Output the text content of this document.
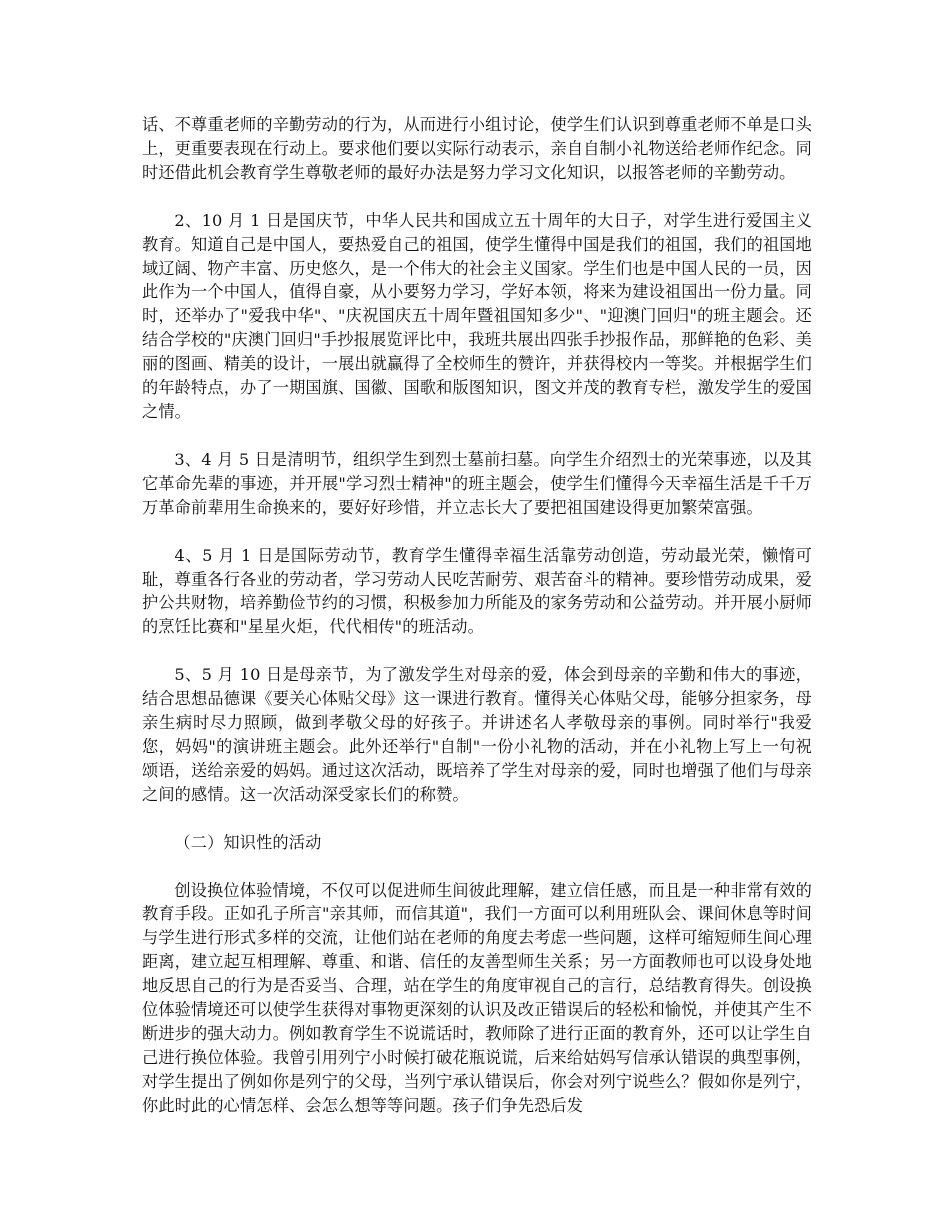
话、不尊重老师的辛勤劳动的行为，从而进行小组讨论，使学生们认识到尊重老师不单是口头上，更重要表现在行动上。要求他们要以实际行动表示，亲自自制小礼物送给老师作纪念。同时还借此机会教育学生尊敬老师的最好办法是努力学习文化知识，以报答老师的辛勤劳动。

2、10 月 1 日是国庆节，中华人民共和国成立五十周年的大日子，对学生进行爱国主义教育。知道自己是中国人，要热爱自己的祖国，使学生懂得中国是我们的祖国，我们的祖国地域辽阔、物产丰富、历史悠久，是一个伟大的社会主义国家。学生们也是中国人民的一员，因此作为一个中国人，值得自豪，从小要努力学习，学好本领，将来为建设祖国出一份力量。同时，还举办了"爱我中华"、"庆祝国庆五十周年暨祖国知多少"、"迎澳门回归"的班主题会。还结合学校的"庆澳门回归"手抄报展览评比中，我班共展出四张手抄报作品，那鲜艳的色彩、美丽的图画、精美的设计，一展出就赢得了全校师生的赞许，并获得校内一等奖。并根据学生们的年龄特点，办了一期国旗、国徽、国歌和版图知识，图文并茂的教育专栏，激发学生的爱国之情。

3、4 月 5 日是清明节，组织学生到烈士墓前扫墓。向学生介绍烈士的光荣事迹，以及其它革命先辈的事迹，并开展"学习烈士精神"的班主题会，使学生们懂得今天幸福生活是千千万万革命前辈用生命换来的，要好好珍惜，并立志长大了要把祖国建设得更加繁荣富强。

4、5 月 1 日是国际劳动节，教育学生懂得幸福生活靠劳动创造，劳动最光荣，懒惰可耻，尊重各行各业的劳动者，学习劳动人民吃苦耐劳、艰苦奋斗的精神。要珍惜劳动成果，爱护公共财物，培养勤俭节约的习惯，积极参加力所能及的家务劳动和公益劳动。并开展小厨师的烹饪比赛和"星星火炬，代代相传"的班活动。

5、5 月 10 日是母亲节，为了激发学生对母亲的爱，体会到母亲的辛勤和伟大的事迹，结合思想品德课《要关心体贴父母》这一课进行教育。懂得关心体贴父母，能够分担家务，母亲生病时尽力照顾，做到孝敬父母的好孩子。并讲述名人孝敬母亲的事例。同时举行"我爱您，妈妈"的演讲班主题会。此外还举行"自制"一份小礼物的活动，并在小礼物上写上一句祝颂语，送给亲爱的妈妈。通过这次活动，既培养了学生对母亲的爱，同时也增强了他们与母亲之间的感情。这一次活动深受家长们的称赞。

（二）知识性的活动

创设换位体验情境，不仅可以促进师生间彼此理解，建立信任感，而且是一种非常有效的教育手段。正如孔子所言"亲其师，而信其道"，我们一方面可以利用班队会、课间休息等时间与学生进行形式多样的交流，让他们站在老师的角度去考虑一些问题，这样可缩短师生间心理距离，建立起互相理解、尊重、和谐、信任的友善型师生关系；另一方面教师也可以设身处地地反思自己的行为是否妥当、合理，站在学生的角度审视自己的言行，总结教育得失。创设换位体验情境还可以使学生获得对事物更深刻的认识及改正错误后的轻松和愉悦，并使其产生不断进步的强大动力。例如教育学生不说谎话时，教师除了进行正面的教育外，还可以让学生自己进行换位体验。我曾引用列宁小时候打破花瓶说谎，后来给姑妈写信承认错误的典型事例，对学生提出了例如你是列宁的父母，当列宁承认错误后，你会对列宁说些么？假如你是列宁，你此时此的心情怎样、会怎么想等等问题。孩子们争先恐后发
